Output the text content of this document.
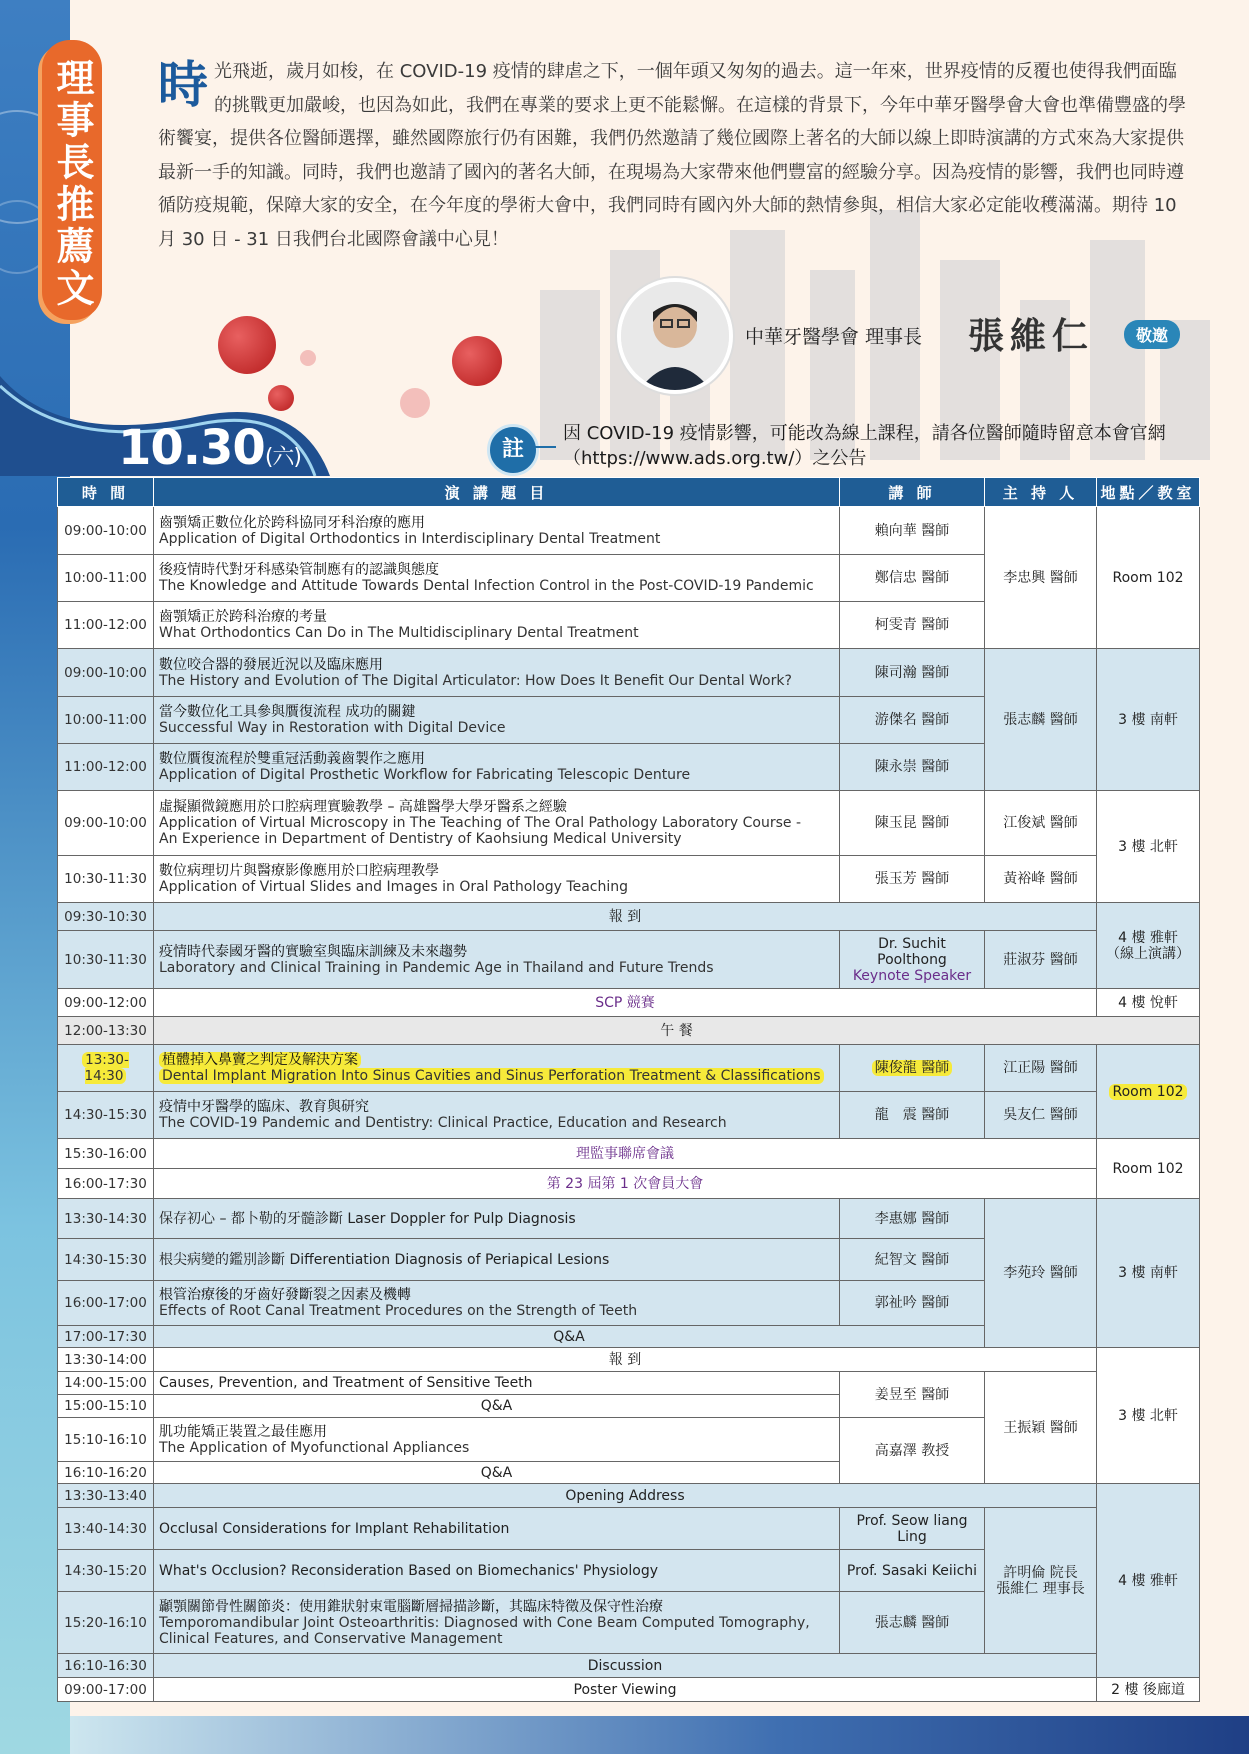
理事長推薦文 時光飛逝，歲月如梭，在 COVID-19 疫情的肆虐之下，一個年頭又匆匆的過去。這一年來，世界疫情的反覆也使得我們面臨的挑戰更加嚴峻，也因為如此，我們在專業的要求上更不能鬆懈。在這樣的背景下，今年中華牙醫學會大會也準備豐盛的學術饗宴，提供各位醫師選擇，雖然國際旅行仍有困難，我們仍然邀請了幾位國際上著名的大師以線上即時演講的方式來為大家提供最新一手的知識。同時，我們也邀請了國內的著名大師，在現場為大家帶來他們豐富的經驗分享。因為疫情的影響，我們也同時遵循防疫規範，保障大家的安全，在今年度的學術大會中，我們同時有國內外大師的熱情參與，相信大家必定能收穫滿滿。期待 10 月 30 日 - 31 日我們台北國際會議中心見！
中華牙醫學會 理事長 張維仁	敬邀
10.30(六)	註
因 COVID-19 疫情影響，可能改為線上課程，請各位醫師隨時留意本會官網（https://www.ads.org.tw/）之公告
時 間	演 講 題 目	講 師	主 持 人	地點／教室
09:00-10:00	齒顎矯正數位化於跨科協同牙科治療的應用
Application of Digital Orthodontics in Interdisciplinary Dental Treatment	賴向華 醫師	李忠興 醫師	Room 102
10:00-11:00	後疫情時代對牙科感染管制應有的認識與態度
The Knowledge and Attitude Towards Dental Infection Control in the Post-COVID-19 Pandemic	鄭信忠 醫師		
11:00-12:00	齒顎矯正於跨科治療的考量
What Orthodontics Can Do in The Multidisciplinary Dental Treatment	柯雯青 醫師		
09:00-10:00	數位咬合器的發展近況以及臨床應用
The History and Evolution of The Digital Articulator: How Does It Benefit Our Dental Work?	陳司瀚 醫師	張志麟 醫師	3 樓 南軒
10:00-11:00	當今數位化工具參與贋復流程 成功的關鍵
Successful Way in Restoration with Digital Device	游傑名 醫師		
11:00-12:00	數位贋復流程於雙重冠活動義齒製作之應用
Application of Digital Prosthetic Workflow for Fabricating Telescopic Denture	陳永崇 醫師		
09:00-10:00	虛擬顯微鏡應用於口腔病理實驗教學 – 高雄醫學大學牙醫系之經驗
Application of Virtual Microscopy in The Teaching of The Oral Pathology Laboratory Course -
An Experience in Department of Dentistry of Kaohsiung Medical University	陳玉昆 醫師	江俊斌 醫師	3 樓 北軒
10:30-11:30	數位病理切片與醫療影像應用於口腔病理教學
Application of Virtual Slides and Images in Oral Pathology Teaching	張玉芳 醫師	黃裕峰 醫師	
09:30-10:30	報 到			4 樓 雅軒
（線上演講）

10:30-11:30	疫情時代泰國牙醫的實驗室與臨床訓練及未來趨勢
Laboratory and Clinical Training in Pandemic Age in Thailand and Future Trends	Dr. Suchit
Poolthong
Keynote Speaker	莊淑芬 醫師	
09:00-12:00	SCP 競賽			4 樓 悅軒
12:00-13:30	午 餐			
13:30-14:30	植體掉入鼻竇之判定及解決方案
Dental Implant Migration Into Sinus Cavities and Sinus Perforation Treatment & Classifications	陳俊龍 醫師	江正陽 醫師	Room 102
14:30-15:30	疫情中牙醫學的臨床、教育與研究
The COVID-19 Pandemic and Dentistry: Clinical Practice, Education and Research	龍　震 醫師	吳友仁 醫師	
15:30-16:00	理監事聯席會議			Room 102
16:00-17:30	第 23 屆第 1 次會員大會			
13:30-14:30	保存初心 – 都卜勒的牙髓診斷 Laser Doppler for Pulp Diagnosis	李惠娜 醫師	李苑玲 醫師	3 樓 南軒
14:30-15:30	根尖病變的鑑別診斷 Differentiation Diagnosis of Periapical Lesions	紀智文 醫師		
16:00-17:00	根管治療後的牙齒好發斷裂之因素及機轉
Effects of Root Canal Treatment Procedures on the Strength of Teeth	郭祉吟 醫師		
17:00-17:30	Q&A			
13:30-14:00	報 到			3 樓 北軒
14:00-15:00	Causes, Prevention, and Treatment of Sensitive Teeth	姜昱至 醫師	王振穎 醫師	
15:00-15:10	Q&A			
15:10-16:10	肌功能矯正裝置之最佳應用
The Application of Myofunctional Appliances	高嘉澤 教授		
16:10-16:20	Q&A			
13:30-13:40	Opening Address			4 樓 雅軒
13:40-14:30	Occlusal Considerations for Implant Rehabilitation	Prof. Seow liang
Ling	許明倫 院長
張維仁 理事長	

14:30-15:20	What's Occlusion? Reconsideration Based on Biomechanics' Physiology	Prof. Sasaki Keiichi		
15:20-16:10	顳顎關節骨性關節炎：使用錐狀射束電腦斷層掃描診斷，其臨床特徵及保守性治療
Temporomandibular Joint Osteoarthritis: Diagnosed with Cone Beam Computed Tomography,
Clinical Features, and Conservative Management	張志麟 醫師		
16:10-16:30	Discussion			
09:00-17:00	Poster Viewing			2 樓 後廊道
